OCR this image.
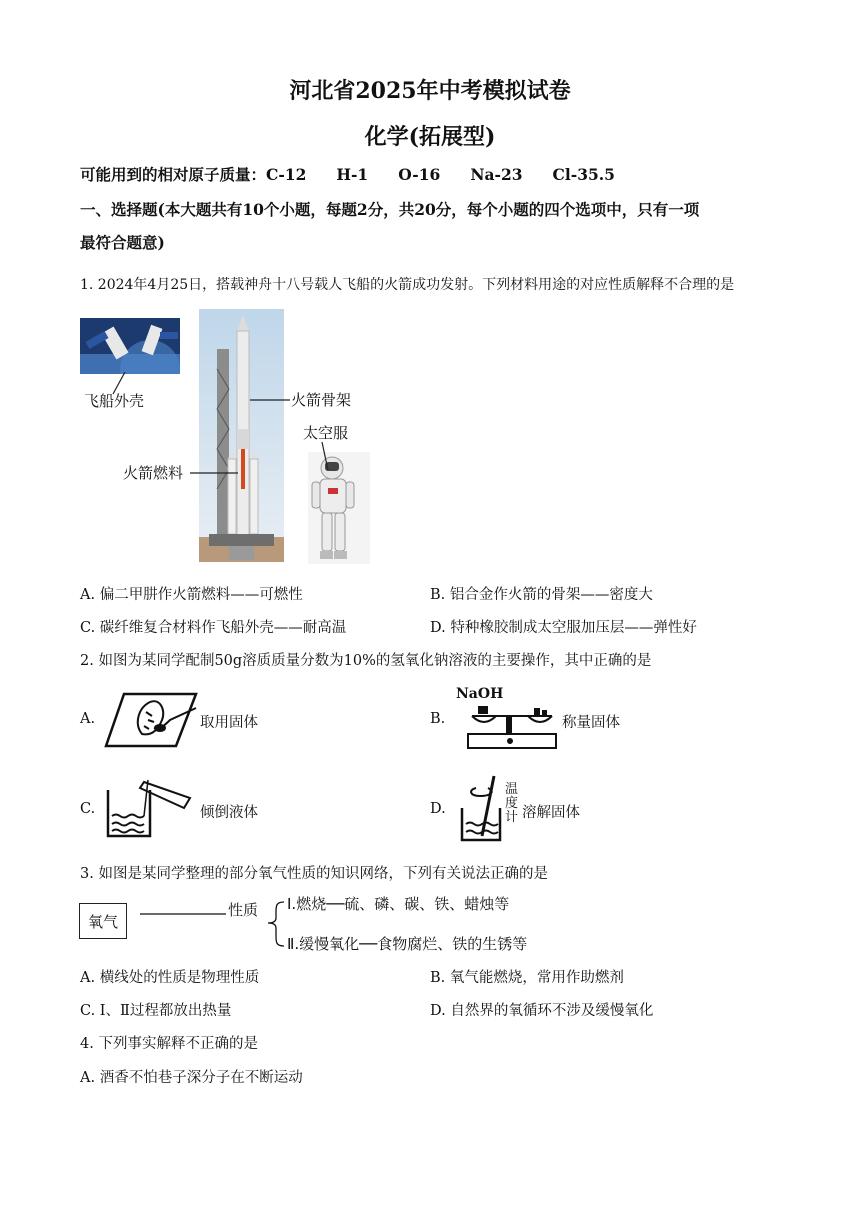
河北省2025年中考模拟试卷
化学(拓展型)
可能用到的相对原子质量：C-12 H-1 O-16 Na-23 Cl-35.5
一、选择题(本大题共有10个小题，每题2分，共20分，每个小题的四个选项中，只有一项
最符合题意)
1. 2024年4月25日，搭载神舟十八号载人飞船的火箭成功发射。下列材料用途的对应性质解释不合理的是
飞船外壳	火箭骨架
太空服
火箭燃料
A. 偏二甲肼作火箭燃料——可燃性	B. 铝合金作火箭的骨架——密度大
C. 碳纤维复合材料作飞船外壳——耐高温	D. 特种橡胶制成太空服加压层——弹性好
2. 如图为某同学配制50g溶质质量分数为10%的氢氧化钠溶液的主要操作，其中正确的是
A.	取用固体	B.
NaOH
称量固体
C.	倾倒液体	D.
温
度
计 溶解固体
3. 如图是某同学整理的部分氧气性质的知识网络，下列有关说法正确的是
氧气
性质 Ⅰ.燃烧──硫、磷、碳、铁、蜡烛等
Ⅱ.缓慢氧化──食物腐烂、铁的生锈等
A. 横线处的性质是物理性质	B. 氧气能燃烧，常用作助燃剂
C. Ⅰ、Ⅱ过程都放出热量	D. 自然界的氧循环不涉及缓慢氧化
4. 下列事实解释不正确的是
A. 酒香不怕巷子深分子在不断运动
